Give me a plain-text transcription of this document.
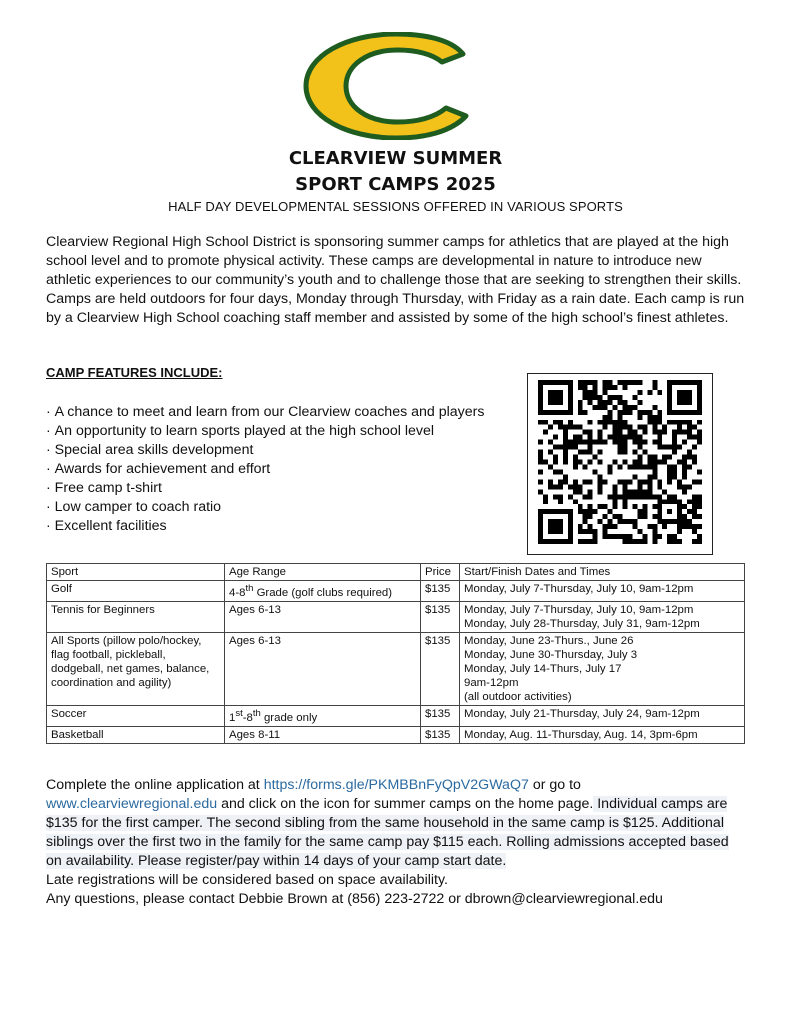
CLEARVIEW SUMMER
SPORT CAMPS 2025
HALF DAY DEVELOPMENTAL SESSIONS OFFERED IN VARIOUS SPORTS

Clearview Regional High School District is sponsoring summer camps for athletics that are played at the high school level and to promote physical activity. These camps are developmental in nature to introduce new athletic experiences to our community’s youth and to challenge those that are seeking to strengthen their skills. Camps are held outdoors for four days, Monday through Thursday, with Friday as a rain date. Each camp is run by a Clearview High School coaching staff member and assisted by some of the high school’s finest athletes.

CAMP FEATURES INCLUDE:
· A chance to meet and learn from our Clearview coaches and players
· An opportunity to learn sports played at the high school level
· Special area skills development
· Awards for achievement and effort
· Free camp t-shirt
· Low camper to coach ratio
· Excellent facilities
Sport	Age Range	Price	Start/Finish Dates and Times
Golf	4-8th Grade (golf clubs required)	$135	Monday, July 7-Thursday, July 10, 9am-12pm
Tennis for Beginners	Ages 6-13	$135	Monday, July 7-Thursday, July 10, 9am-12pm
Monday, July 28-Thursday, July 31, 9am-12pm

All Sports (pillow polo/hockey, flag football, pickleball, dodgeball, net games, balance, coordination and agility)	Ages 6-13	$135	Monday, June 23-Thurs., June 26
Monday, June 30-Thursday, July 3
Monday, July 14-Thurs, July 17
9am-12pm
(all outdoor activities)

Soccer	1st-8th grade only	$135	Monday, July 21-Thursday, July 24, 9am-12pm
Basketball	Ages 8-11	$135	Monday, Aug. 11-Thursday, Aug. 14, 3pm-6pm

Complete the online application at https://forms.gle/PKMBBnFyQpV2GWaQ7 or go to www.clearviewregional.edu and click on the icon for summer camps on the home page. Individual camps are $135 for the first camper. The second sibling from the same household in the same camp is $125. Additional siblings over the first two in the family for the same camp pay $115 each. Rolling admissions accepted based on availability. Please register/pay within 14 days of your camp start date.
Late registrations will be considered based on space availability.
Any questions, please contact Debbie Brown at (856) 223-2722 or dbrown@clearviewregional.edu
